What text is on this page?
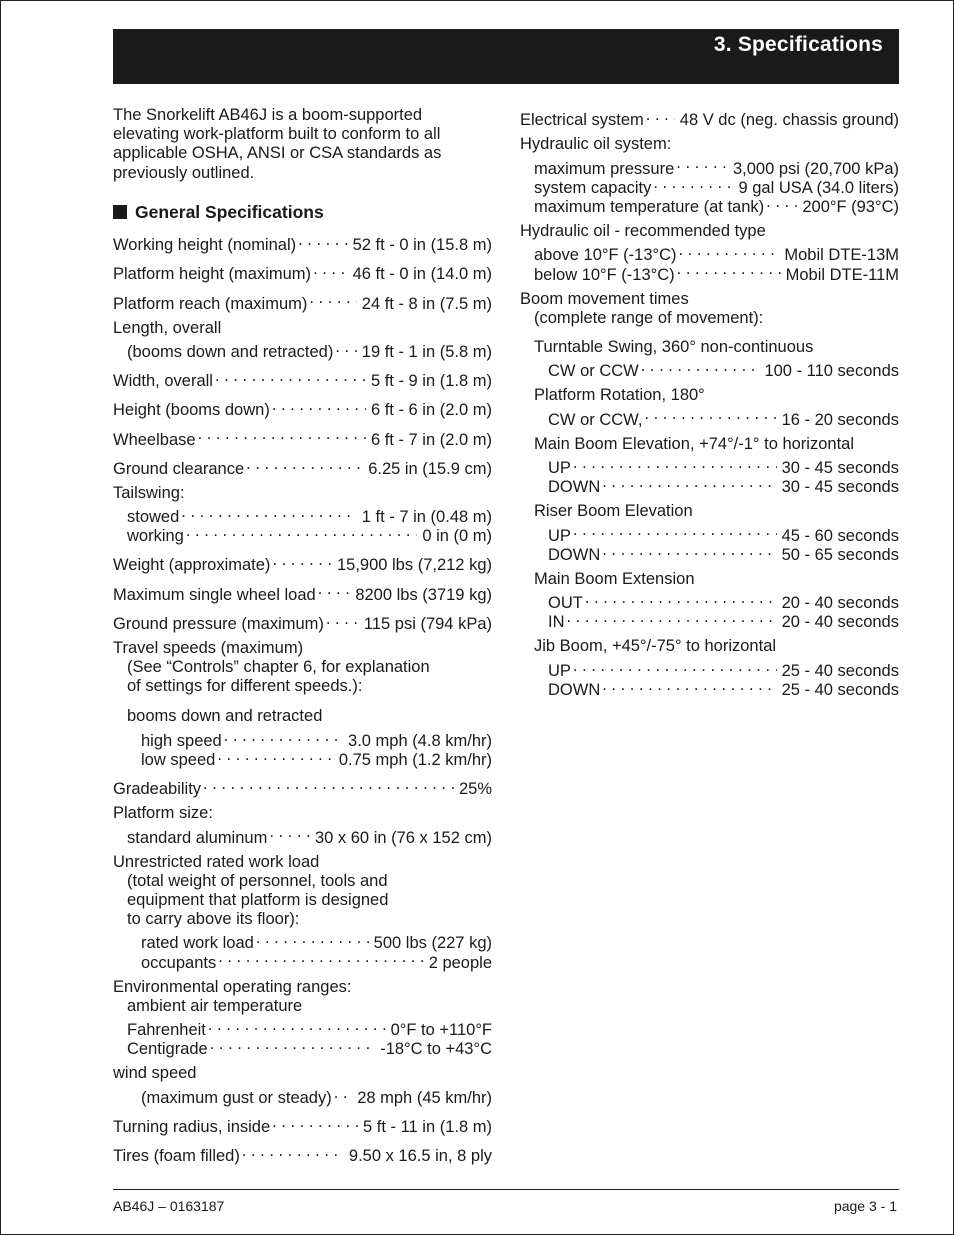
3. Specifications

The Snorkelift AB46J is a boom-supported elevating work-platform built to conform to all applicable OSHA, ANSI or CSA standards as previously outlined.

General Specifications
Working height (nominal) . . .	52 ft - 0 in (15.8 m)
Platform height (maximum) . . .	46 ft - 0 in (14.0 m)
Platform reach (maximum) . . .	24 ft - 8 in (7.5 m)
Length, overall
(booms down and retracted) . . . 19 ft - 1 in (5.8 m)
Width, overall . . .	5 ft - 9 in (1.8 m)
Height (booms down) . . .	6 ft - 6 in (2.0 m)
Wheelbase . . .	6 ft - 7 in (2.0 m)
Ground clearance . . .	6.25 in (15.9 cm)
Tailswing:
stowed . . .	1 ft - 7 in (0.48 m)
working . . .	0 in (0 m)
Weight (approximate) . . .	15,900 lbs (7,212 kg)
Maximum single wheel load . . . 8200 lbs (3719 kg)
Ground pressure (maximum) . . . 115 psi (794 kPa)
Travel speeds (maximum)
(See “Controls” chapter 6, for explanation
of settings for different speeds.):
booms down and retracted
high speed . . .	3.0 mph (4.8 km/hr)
low speed . . .	0.75 mph (1.2 km/hr)
Gradeability . . .	25%
Platform size:
standard aluminum . . .	30 x 60 in (76 x 152 cm)
Unrestricted rated work load
(total weight of personnel, tools and
equipment that platform is designed
to carry above its floor):
rated work load . . .	500 lbs (227 kg)
occupants . . .	2 people
Environmental operating ranges:
ambient air temperature
Fahrenheit . . .	0°F to +110°F
Centigrade . . .	-18°C to +43°C
wind speed
(maximum gust or steady) . . . 28 mph (45 km/hr)
Turning radius, inside . . .	5 ft - 11 in (1.8 m)
Tires (foam filled) . . .	9.50 x 16.5 in, 8 ply
Electrical system . . . 48 V dc (neg. chassis ground)
Hydraulic oil system:
maximum pressure . . .	3,000 psi (20,700 kPa)
system capacity . . .	9 gal USA (34.0 liters)
maximum temperature (at tank) . . . 200°F (93°C)
Hydraulic oil - recommended type
above 10°F (-13°C) . . .	Mobil DTE-13M
below 10°F (-13°C) . . .	Mobil DTE-11M
Boom movement times
(complete range of movement):
Turntable Swing, 360° non-continuous
CW or CCW . . .	100 - 110 seconds
Platform Rotation, 180°
CW or CCW, . . .	16 - 20 seconds
Main Boom Elevation, +74°/-1° to horizontal
UP . . .	30 - 45 seconds
DOWN . . .	30 - 45 seconds
Riser Boom Elevation
UP . . .	45 - 60 seconds
DOWN . . .	50 - 65 seconds
Main Boom Extension
OUT . . .	20 - 40 seconds
IN . . .	20 - 40 seconds
Jib Boom, +45°/-75° to horizontal
UP . . .	25 - 40 seconds
DOWN . . .	25 - 40 seconds
AB46J – 0163187	page 3 - 1
